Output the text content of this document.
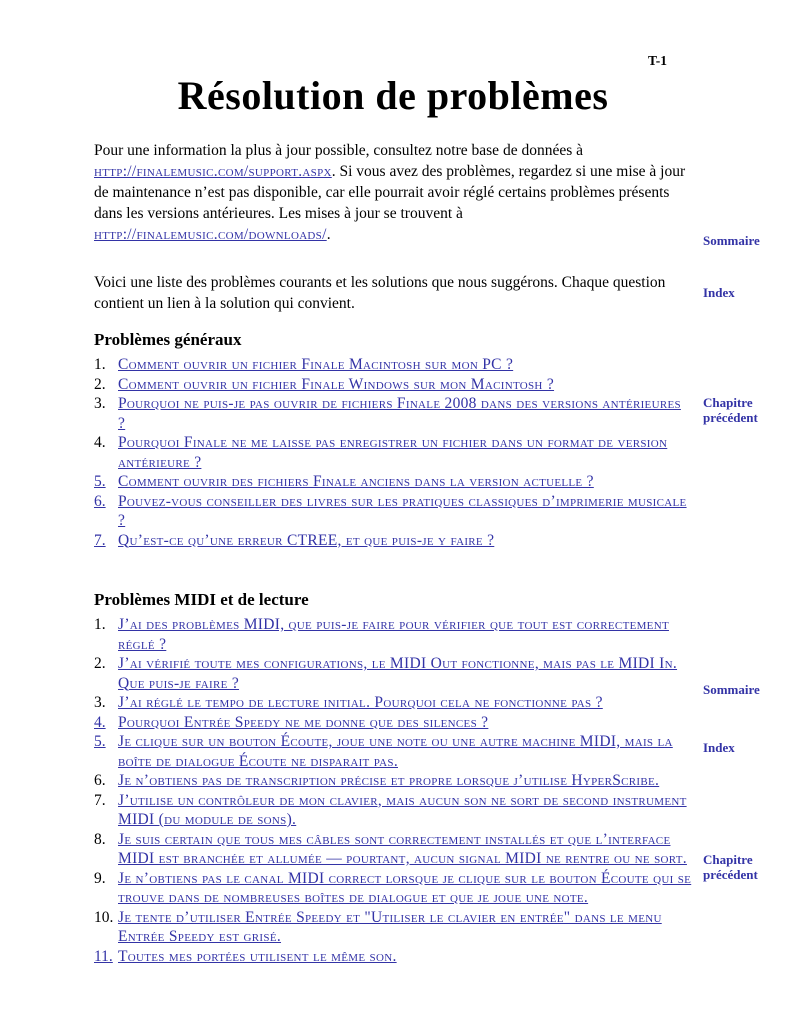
T-1
Résolution de problèmes

Pour une information la plus à jour possible, consultez notre base de données à http://finalemusic.com/support.aspx. Si vous avez des problèmes, regardez si une mise à jour de maintenance n’est pas disponible, car elle pourrait avoir réglé certains problèmes présents dans les versions antérieures. Les mises à jour se trouvent à http://finalemusic.com/downloads/.

Voici une liste des problèmes courants et les solutions que nous suggérons. Chaque question contient un lien à la solution qui convient.

Problèmes généraux
1. Comment ouvrir un fichier Finale Macintosh sur mon PC ?
2. Comment ouvrir un fichier Finale Windows sur mon Macintosh ?
3. Pourquoi ne puis-je pas ouvrir de fichiers Finale 2008 dans des versions antérieures ?
4. Pourquoi Finale ne me laisse pas enregistrer un fichier dans un format de version antérieure ?
5. Comment ouvrir des fichiers Finale anciens dans la version actuelle ?
6. Pouvez-vous conseiller des livres sur les pratiques classiques d’imprimerie musicale ?
7. Qu’est-ce qu’une erreur CTREE, et que puis-je y faire ?
Problèmes MIDI et de lecture
1. J’ai des problèmes MIDI, que puis-je faire pour vérifier que tout est correctement réglé ?
2. J’ai vérifié toute mes configurations, le MIDI Out fonctionne, mais pas le MIDI In. Que puis-je faire ?
3. J’ai réglé le tempo de lecture initial. Pourquoi cela ne fonctionne pas ?
4. Pourquoi Entrée Speedy ne me donne que des silences ?
5. Je clique sur un bouton Écoute, joue une note ou une autre machine MIDI, mais la boîte de dialogue Écoute ne disparait pas.
6. Je n’obtiens pas de transcription précise et propre lorsque j’utilise HyperScribe.
7. J’utilise un contrôleur de mon clavier, mais aucun son ne sort de second instrument MIDI (du module de sons).
8. Je suis certain que tous mes câbles sont correctement installés et que l’interface MIDI est branchée et allumée — pourtant, aucun signal MIDI ne rentre ou ne sort.
9. Je n’obtiens pas le canal MIDI correct lorsque je clique sur le bouton Écoute qui se trouve dans de nombreuses boîtes de dialogue et que je joue une note.
10. Je tente d’utiliser Entrée Speedy et "Utiliser le clavier en entrée" dans le menu Entrée Speedy est grisé.
11. Toutes mes portées utilisent le même son.
Sommaire
Index
Chapitre précédent
Sommaire
Index
Chapitre précédent
